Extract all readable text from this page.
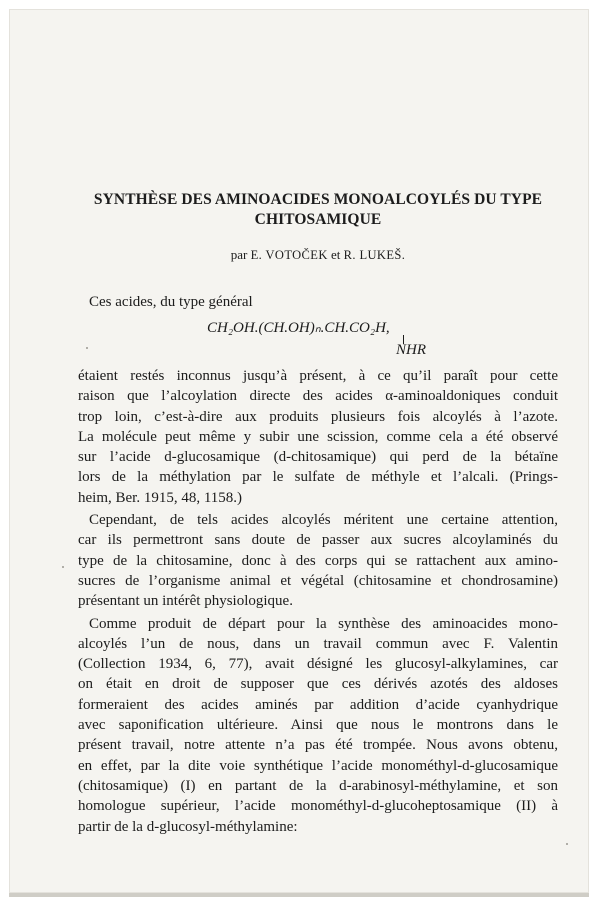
SYNTHÈSE DES AMINOACIDES MONOALCOYLÉS DU TYPE CHITOSAMIQUE

par E. VOTOČEK et R. LUKEŠ.

Ces acides, du type général

CH₂OH.(CH.OH)ₙ.CH.CO₂H,
NHR
étaient restés inconnus jusqu’à présent, à ce qu’il paraît pour cette
raison que l’alcoylation directe des acides α-aminoaldoniques conduit
trop loin, c’est-à-dire aux produits plusieurs fois alcoylés à l’azote.
La molécule peut même y subir une scission, comme cela a été observé
sur l’acide d-glucosamique (d-chitosamique) qui perd de la bétaïne
lors de la méthylation par le sulfate de méthyle et l’alcali. (Prings-
heim, Ber. 1915, 48, 1158.)
Cependant, de tels acides alcoylés méritent une certaine attention,
car ils permettront sans doute de passer aux sucres alcoylaminés du
type de la chitosamine, donc à des corps qui se rattachent aux amino-
sucres de l’organisme animal et végétal (chitosamine et chondrosamine)
présentant un intérêt physiologique.
Comme produit de départ pour la synthèse des aminoacides mono-
alcoylés l’un de nous, dans un travail commun avec F. Valentin
(Collection 1934, 6, 77), avait désigné les glucosyl-alkylamines, car
on était en droit de supposer que ces dérivés azotés des aldoses
formeraient des acides aminés par addition d’acide cyanhydrique
avec saponification ultérieure. Ainsi que nous le montrons dans le
présent travail, notre attente n’a pas été trompée. Nous avons obtenu,
en effet, par la dite voie synthétique l’acide monométhyl-d-glucosamique
(chitosamique) (I) en partant de la d-arabinosyl-méthylamine, et son
homologue supérieur, l’acide monométhyl-d-glucoheptosamique (II) à
partir de la d-glucosyl-méthylamine:
